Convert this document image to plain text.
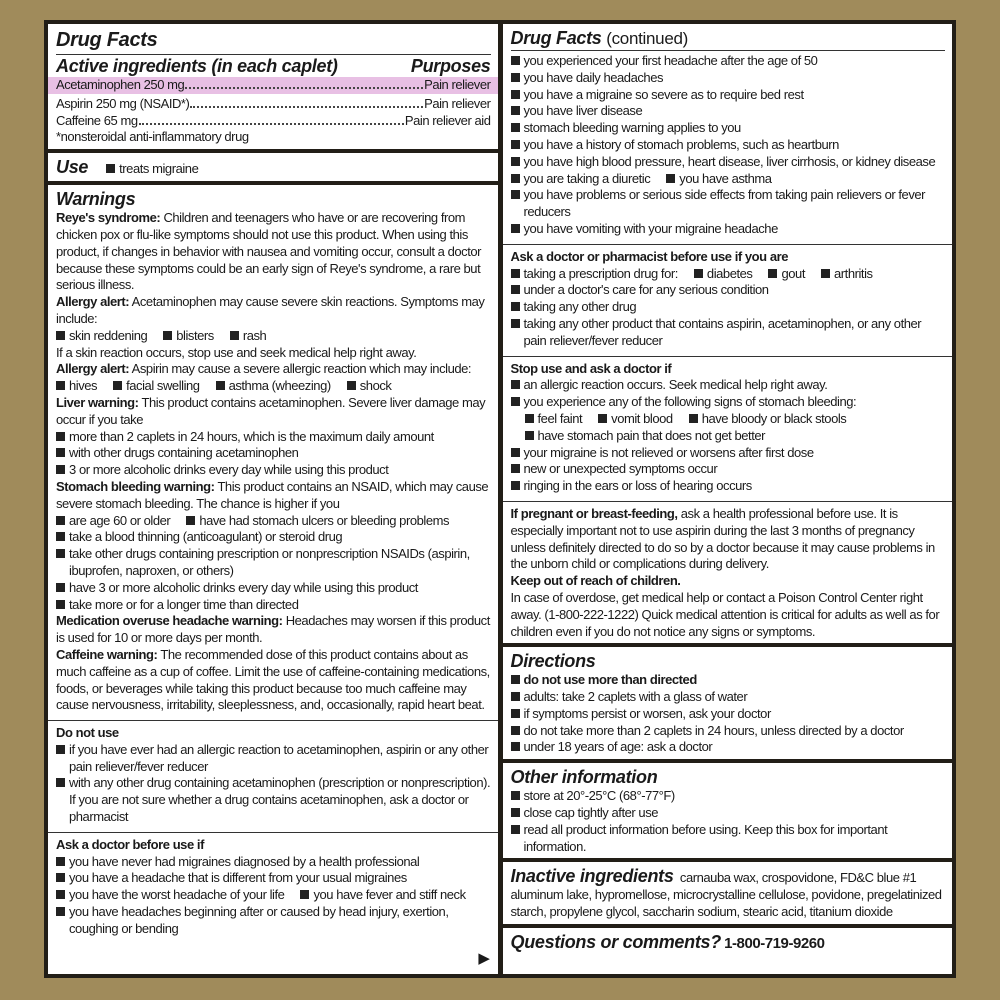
Drug Facts
Active ingredients (in each caplet)	Purposes
Acetaminophen 250 mg	Pain reliever
Aspirin 250 mg (NSAID*)	Pain reliever
Caffeine 65 mg	Pain reliever aid
*nonsteroidal anti-inflammatory drug
Use	treats migraine
Warnings
Reye's syndrome: Children and teenagers who have or are recovering from chicken pox or flu-like symptoms should not use this product. When using this product, if changes in behavior with nausea and vomiting occur, consult a doctor because these symptoms could be an early sign of Reye's syndrome, a rare but serious illness.
Allergy alert: Acetaminophen may cause severe skin reactions. Symptoms may include:
skin reddening	blisters	rash
If a skin reaction occurs, stop use and seek medical help right away.
Allergy alert: Aspirin may cause a severe allergic reaction which may include:
hives	facial swelling	asthma (wheezing)	shock
Liver warning: This product contains acetaminophen. Severe liver damage may occur if you take
more than 2 caplets in 24 hours, which is the maximum daily amount
with other drugs containing acetaminophen
3 or more alcoholic drinks every day while using this product
Stomach bleeding warning: This product contains an NSAID, which may cause severe stomach bleeding. The chance is higher if you
are age 60 or older	have had stomach ulcers or bleeding problems
take a blood thinning (anticoagulant) or steroid drug
take other drugs containing prescription or nonprescription NSAIDs (aspirin, ibuprofen, naproxen, or others)
have 3 or more alcoholic drinks every day while using this product
take more or for a longer time than directed
Medication overuse headache warning: Headaches may worsen if this product is used for 10 or more days per month.
Caffeine warning: The recommended dose of this product contains about as much caffeine as a cup of coffee. Limit the use of caffeine-containing medications, foods, or beverages while taking this product because too much caffeine may cause nervousness, irritability, sleeplessness, and, occasionally, rapid heart beat.
Do not use
if you have ever had an allergic reaction to acetaminophen, aspirin or any other pain reliever/fever reducer
with any other drug containing acetaminophen (prescription or nonprescription). If you are not sure whether a drug contains acetaminophen, ask a doctor or pharmacist
Ask a doctor before use if
you have never had migraines diagnosed by a health professional
you have a headache that is different from your usual migraines
you have the worst headache of your life	you have fever and stiff neck
you have headaches beginning after or caused by head injury, exertion, coughing or bending
▶
Drug Facts (continued)
you experienced your first headache after the age of 50
you have daily headaches
you have a migraine so severe as to require bed rest
you have liver disease
stomach bleeding warning applies to you
you have a history of stomach problems, such as heartburn
you have high blood pressure, heart disease, liver cirrhosis, or kidney disease
you are taking a diuretic	you have asthma
you have problems or serious side effects from taking pain relievers or fever reducers
you have vomiting with your migraine headache
Ask a doctor or pharmacist before use if you are
taking a prescription drug for:	diabetes	gout	arthritis
under a doctor's care for any serious condition
taking any other drug
taking any other product that contains aspirin, acetaminophen, or any other pain reliever/fever reducer
Stop use and ask a doctor if
an allergic reaction occurs. Seek medical help right away.
you experience any of the following signs of stomach bleeding:
feel faint	vomit blood	have bloody or black stools
have stomach pain that does not get better
your migraine is not relieved or worsens after first dose
new or unexpected symptoms occur
ringing in the ears or loss of hearing occurs
If pregnant or breast-feeding, ask a health professional before use. It is especially important not to use aspirin during the last 3 months of pregnancy unless definitely directed to do so by a doctor because it may cause problems in the unborn child or complications during delivery.
Keep out of reach of children.
In case of overdose, get medical help or contact a Poison Control Center right away. (1-800-222-1222) Quick medical attention is critical for adults as well as for children even if you do not notice any signs or symptoms.
Directions
do not use more than directed
adults: take 2 caplets with a glass of water
if symptoms persist or worsen, ask your doctor
do not take more than 2 caplets in 24 hours, unless directed by a doctor
under 18 years of age: ask a doctor
Other information
store at 20°-25°C (68°-77°F)
close cap tightly after use
read all product information before using. Keep this box for important information.
Inactive ingredients carnauba wax, crospovidone, FD&C blue #1 aluminum lake, hypromellose, microcrystalline cellulose, povidone, pregelatinized starch, propylene glycol, saccharin sodium, stearic acid, titanium dioxide
Questions or comments? 1-800-719-9260
